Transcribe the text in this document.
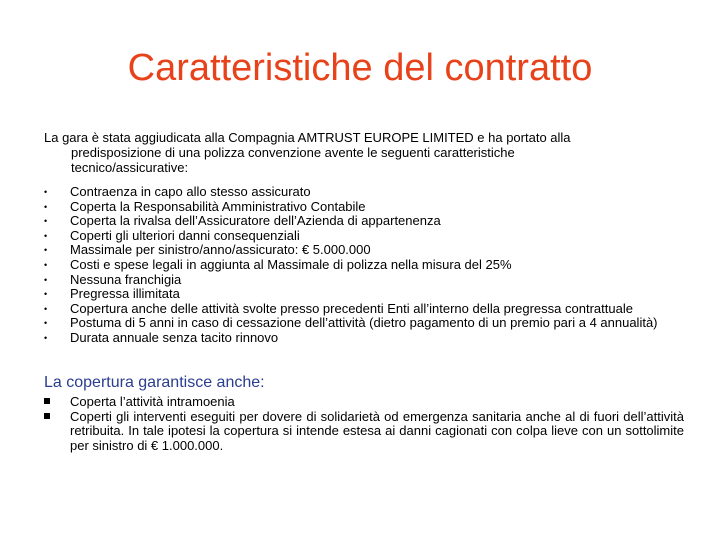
Caratteristiche del contratto
La gara è stata aggiudicata alla Compagnia AMTRUST EUROPE LIMITED e ha portato alla
predisposizione di una polizza convenzione avente le seguenti caratteristiche
tecnico/assicurative:
•	Contraenza in capo allo stesso assicurato
•	Coperta la Responsabilità Amministrativo Contabile
•	Coperta la rivalsa dell’Assicuratore dell’Azienda di appartenenza
•	Coperti gli ulteriori danni consequenziali
•	Massimale per sinistro/anno/assicurato: € 5.000.000
•	Costi e spese legali in aggiunta al Massimale di polizza nella misura del 25%
•	Nessuna franchigia
•	Pregressa illimitata
•	Copertura anche delle attività svolte presso precedenti Enti all’interno della pregressa contrattuale
•	Postuma di 5 anni in caso di cessazione dell’attività (dietro pagamento di un premio pari a 4 annualità)
•	Durata annuale senza tacito rinnovo
La copertura garantisce anche:
Coperta l’attività intramoenia
Coperti gli interventi eseguiti per dovere di solidarietà od emergenza sanitaria anche al di fuori dell’attività retribuita. In tale ipotesi la copertura si intende estesa ai danni cagionati con colpa lieve con un sottolimite per sinistro di € 1.000.000.
